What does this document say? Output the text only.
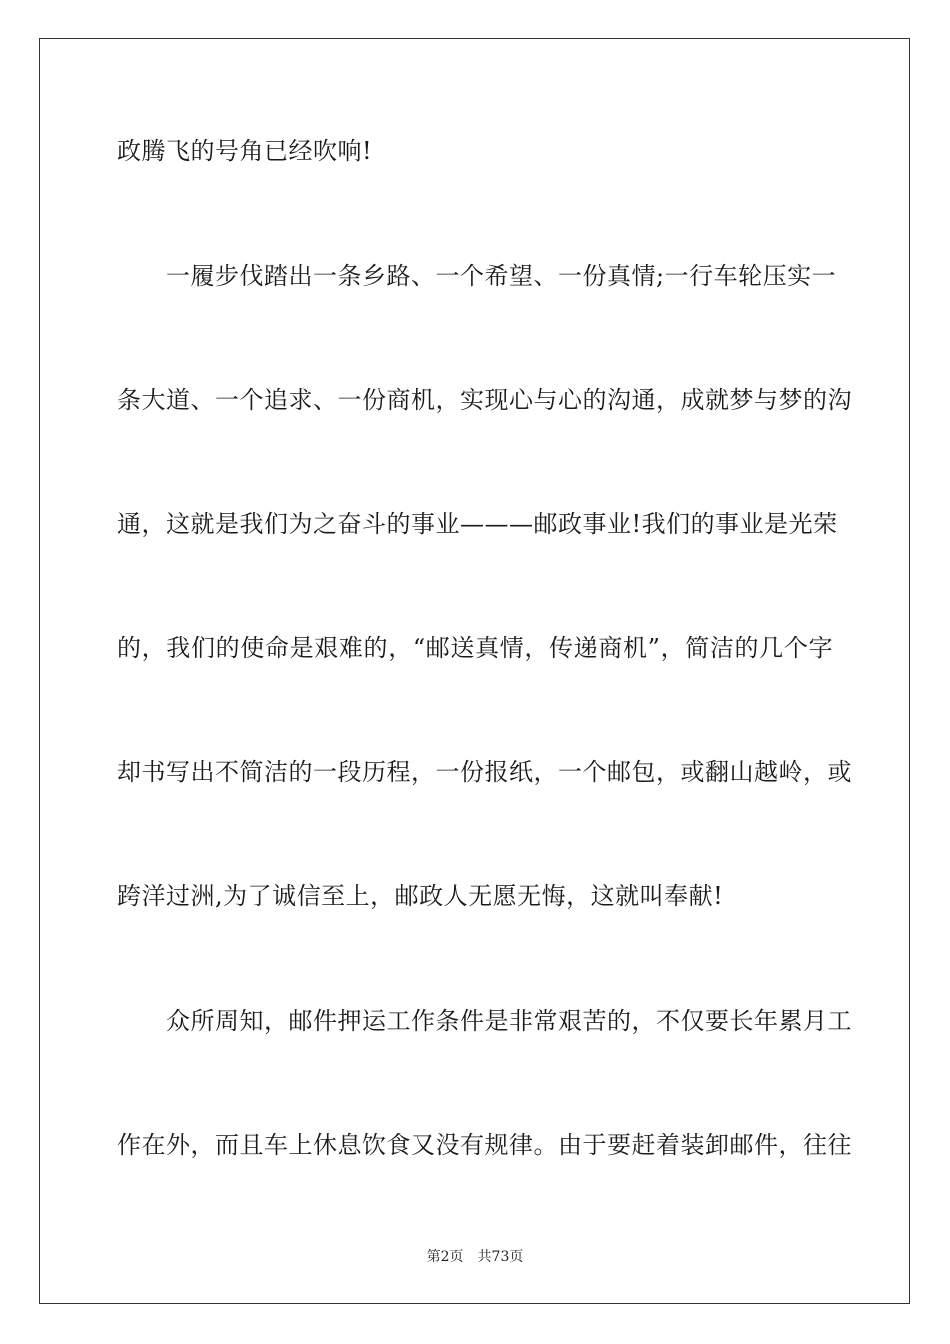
政腾飞的号角已经吹响!
　　一履步伐踏出一条乡路、一个希望、一份真情;一行车轮压实一
条大道、一个追求、一份商机，实现心与心的沟通，成就梦与梦的沟
通，这就是我们为之奋斗的事业———邮政事业!我们的事业是光荣
的，我们的使命是艰难的，“邮送真情，传递商机”，简洁的几个字
却书写出不简洁的一段历程，一份报纸，一个邮包，或翻山越岭，或
跨洋过洲,为了诚信至上，邮政人无愿无悔，这就叫奉献!
　　众所周知，邮件押运工作条件是非常艰苦的，不仅要长年累月工
作在外，而且车上休息饮食又没有规律。由于要赶着装卸邮件，往往
第2页 共73页
